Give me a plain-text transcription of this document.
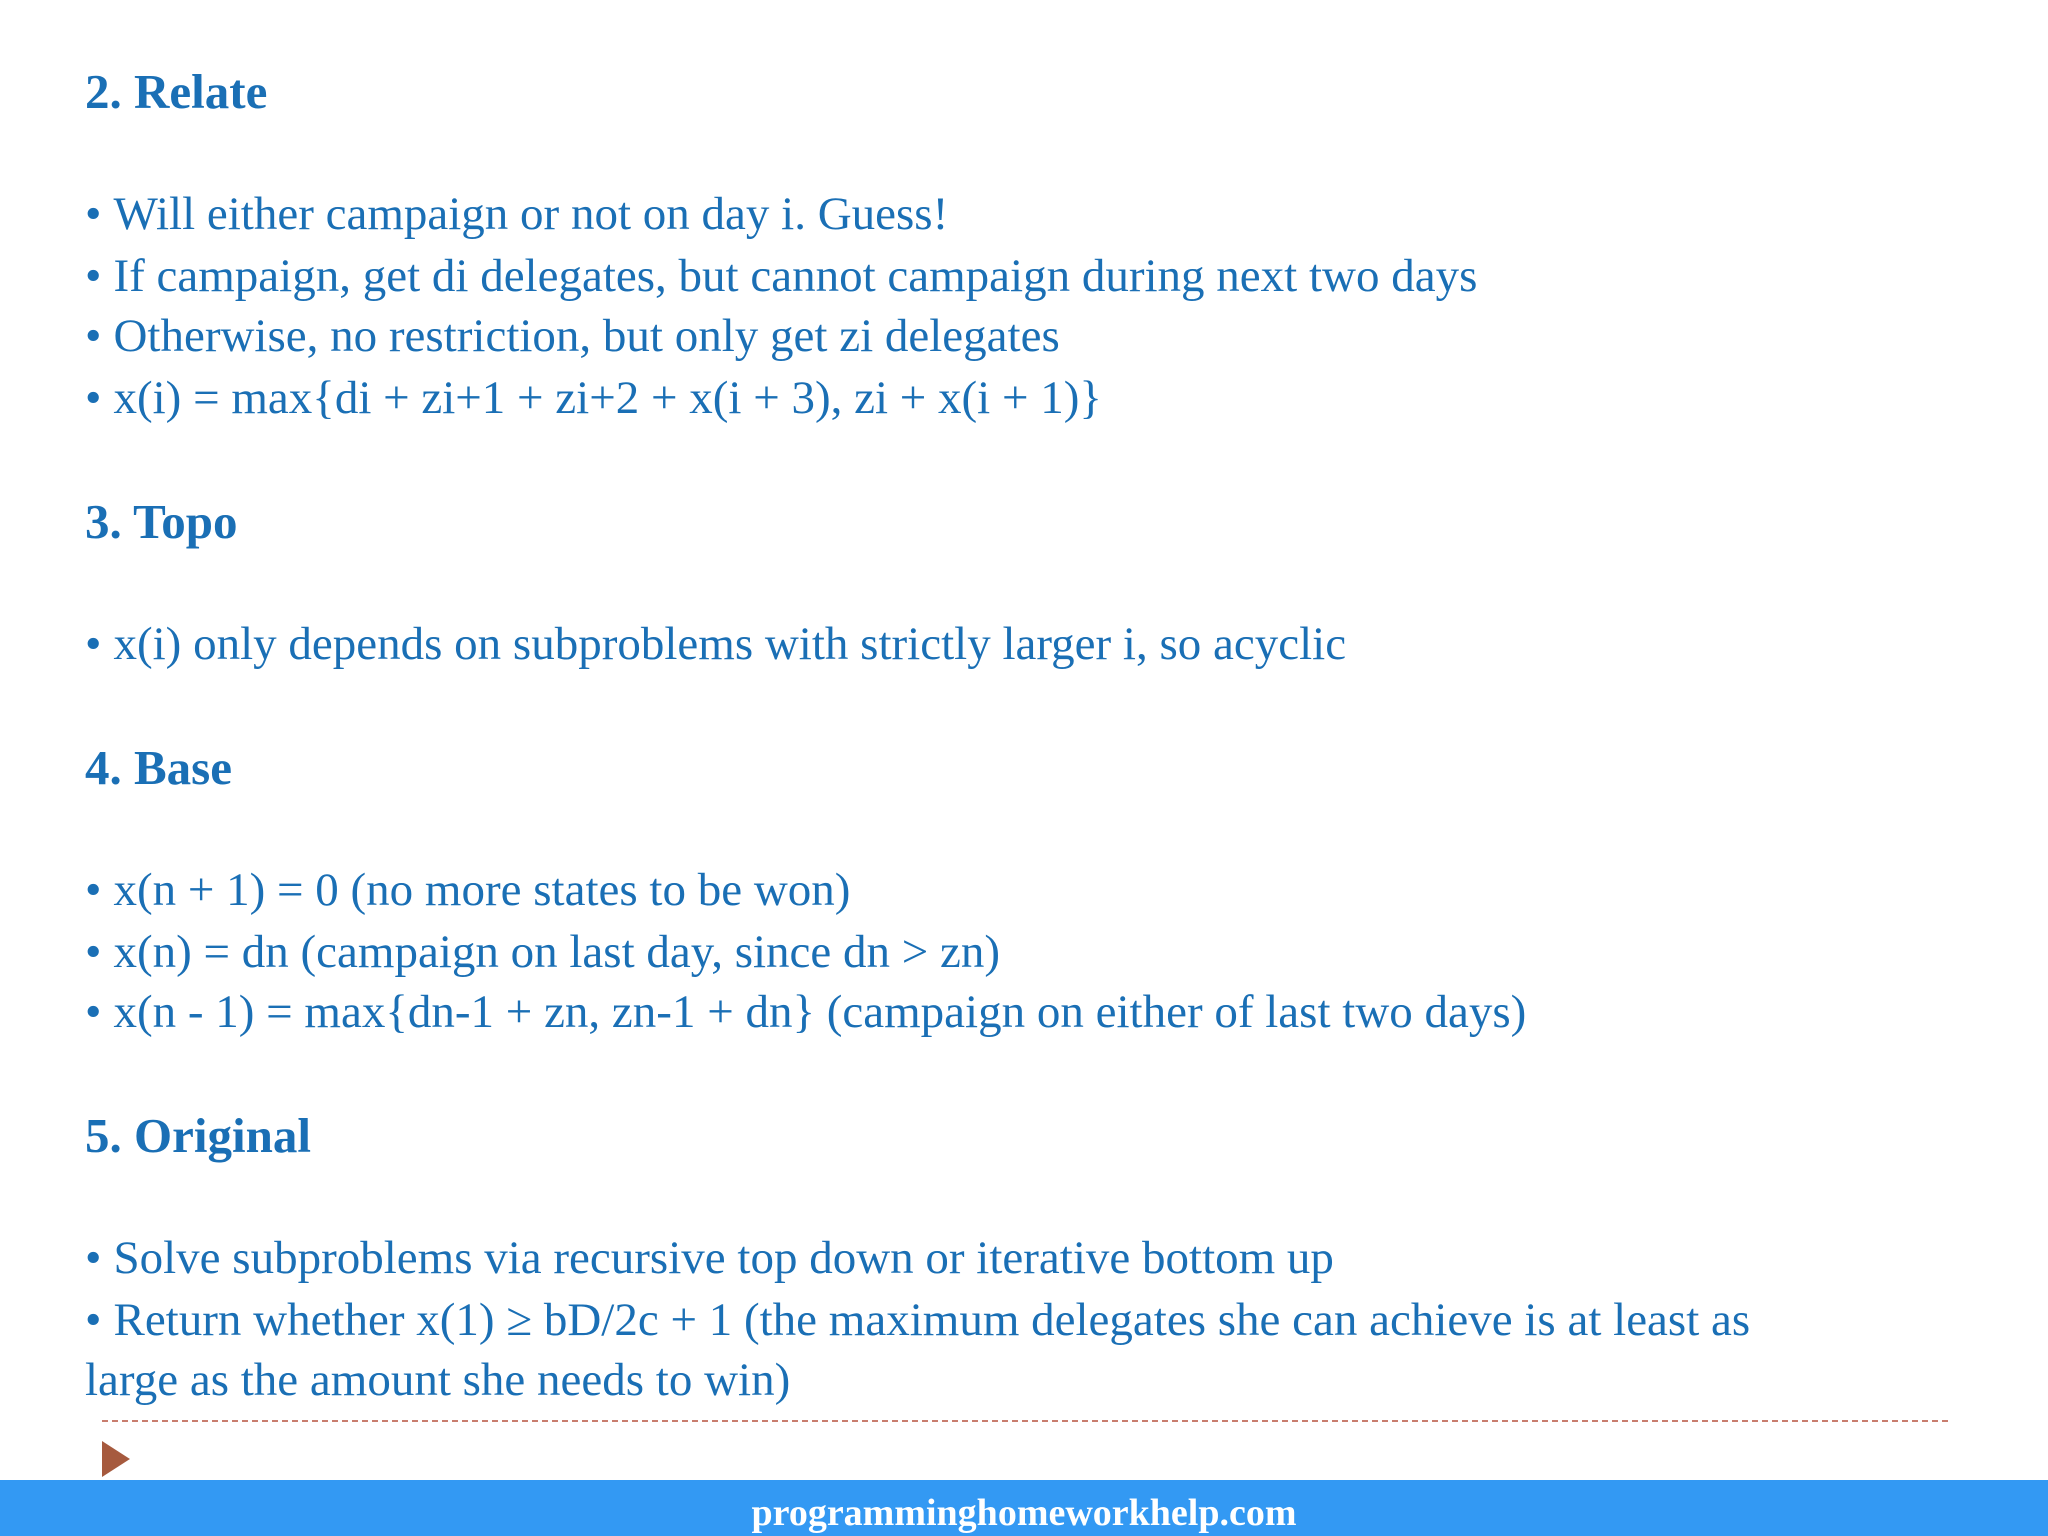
2. Relate
• Will either campaign or not on day i. Guess!
• If campaign, get di delegates, but cannot campaign during next two days
• Otherwise, no restriction, but only get zi delegates
• x(i) = max{di + zi+1 + zi+2 + x(i + 3), zi + x(i + 1)}
3. Topo
• x(i) only depends on subproblems with strictly larger i, so acyclic
4. Base
• x(n + 1) = 0 (no more states to be won)
• x(n) = dn (campaign on last day, since dn > zn)
• x(n - 1) = max{dn-1 + zn, zn-1 + dn} (campaign on either of last two days)
5. Original
• Solve subproblems via recursive top down or iterative bottom up
• Return whether x(1) ≥ bD/2c + 1 (the maximum delegates she can achieve is at least as
large as the amount she needs to win)
programminghomeworkhelp.com
